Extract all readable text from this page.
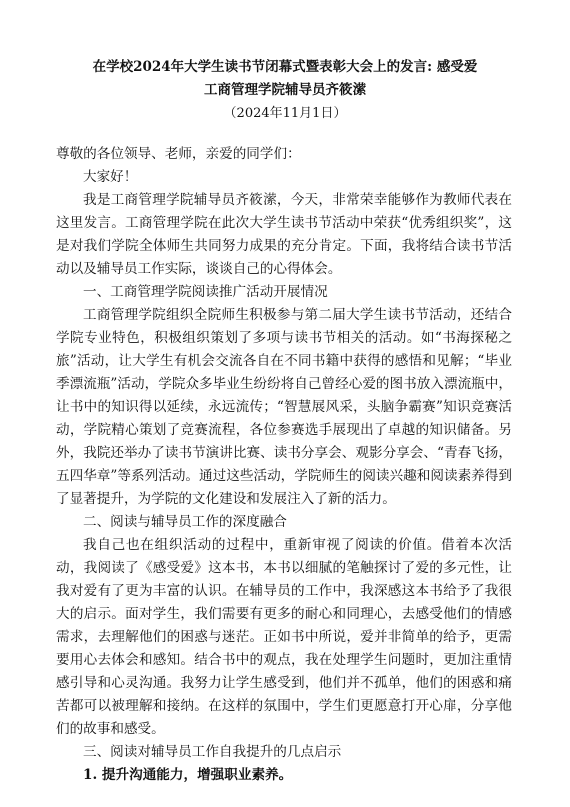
在学校2024年大学生读书节闭幕式暨表彰大会上的发言: 感受爱
工商管理学院辅导员齐筱潆
（2024年11月1日）

尊敬的各位领导、老师，亲爱的同学们：

大家好！

我是工商管理学院辅导员齐筱潆，今天，非常荣幸能够作为教师代表在这里发言。工商管理学院在此次大学生读书节活动中荣获“优秀组织奖”，这是对我们学院全体师生共同努力成果的充分肯定。下面，我将结合读书节活动以及辅导员工作实际，谈谈自己的心得体会。

一、工商管理学院阅读推广活动开展情况

工商管理学院组织全院师生积极参与第二届大学生读书节活动，还结合学院专业特色，积极组织策划了多项与读书节相关的活动。如“书海探秘之旅”活动，让大学生有机会交流各自在不同书籍中获得的感悟和见解；“毕业季漂流瓶”活动，学院众多毕业生纷纷将自己曾经心爱的图书放入漂流瓶中，让书中的知识得以延续，永远流传；“智慧展风采，头脑争霸赛”知识竞赛活动，学院精心策划了竞赛流程，各位参赛选手展现出了卓越的知识储备。另外，我院还举办了读书节演讲比赛、读书分享会、观影分享会、“青春飞扬，五四华章”等系列活动。通过这些活动，学院师生的阅读兴趣和阅读素养得到了显著提升，为学院的文化建设和发展注入了新的活力。

二、阅读与辅导员工作的深度融合

我自己也在组织活动的过程中，重新审视了阅读的价值。借着本次活动，我阅读了《感受爱》这本书，本书以细腻的笔触探讨了爱的多元性，让我对爱有了更为丰富的认识。在辅导员的工作中，我深感这本书给予了我很大的启示。面对学生，我们需要有更多的耐心和同理心，去感受他们的情感需求，去理解他们的困惑与迷茫。正如书中所说，爱并非简单的给予，更需要用心去体会和感知。结合书中的观点，我在处理学生问题时，更加注重情感引导和心灵沟通。我努力让学生感受到，他们并不孤单，他们的困惑和痛苦都可以被理解和接纳。在这样的氛围中，学生们更愿意打开心扉，分享他们的故事和感受。

三、阅读对辅导员工作自我提升的几点启示

1. 提升沟通能力，增强职业素养。
